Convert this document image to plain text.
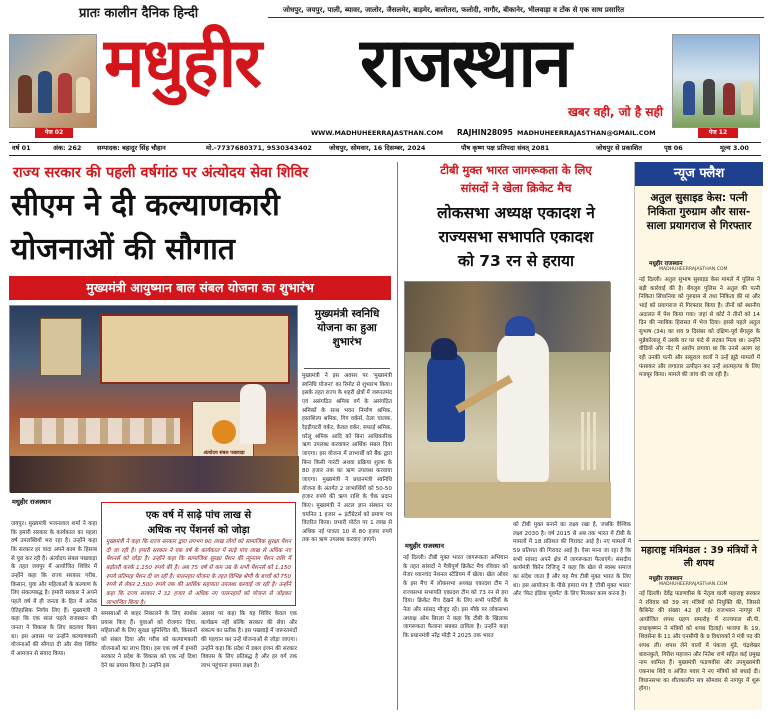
प्रातः कालीन दैनिक हिन्दी	जोधपुर, जयपुर, पाली, ब्यावर, जालोर, जैसलमेर, बाड़मेर, बालोतरा, फलोदी, नागौर, बीकानेर, भीलवाड़ा व टोंक से एक साथ प्रसारित
पेज 02
मधुहीर राजस्थान
खबर वही, जो है सही
पेज 12
WWW.MADHUHEERRAJASTHAN.COM RAJHIN28095 MADHUHEERRAJASTHAN@GMAIL.COM
वर्ष 01	अंक: 262 सम्पादक: बहादुर सिंह चौहान	मो.-7737680371, 9530343402	जोधपुर, सोमवार, 16 दिसम्बर, 2024	पौष कृष्ण पक्ष प्रतिपदा संवत् 2081	जोधपुर से प्रकाशित	पृष्ठ 06	मूल्य 3.00
राज्य सरकार की पहली वर्षगांठ पर अंत्योदय सेवा शिविर
सीएम ने दी कल्याणकारी
योजनाओं की सौगात
मुख्यमंत्री आयुष्मान बाल संबल योजना का शुभारंभ
अंत्योदय संबल पखवाड़ा
मुख्यमंत्री स्वनिधि योजना का हुआ शुभारंभ
मुख्यमंत्री ने इस अवसर पर 'मुख्यमंत्री स्वनिधि योजना' का रिमोट से शुभारंभ किया। इसके तहत राज्य के शहरी क्षेत्रों में जरूरतमंद एवं असंगठित श्रमिक वर्ग के असंगठित श्रमिकों के साथ भवन निर्माण श्रमिक, हस्तशिल्प श्रमिक, गिग वर्कर्स, ठेला चालक, रेहड़ीपटरी वर्कर, केवल वर्कर, सफाई श्रमिक, घरेलू श्रमिक आदि को बिना आधिकारिक ऋण उपलब्ध करवाकर आर्थिक संबल दिया जाएगा। इस योजना में लाभार्थी को बैंक द्वारा बिना किसी गारंटी अथवा प्रक्रिया शुल्क के 80 हजार तक का ऋण उपलब्ध करवाया जाएगा। मुख्यमंत्री ने प्रधानमंत्री स्वनिधि योजना के अंतर्गत 2 लाभार्थियों को 50-50 हजार रुपये की ऋण राशि के चैक प्रदान किए। मुख्यमंत्री ने अटल ज्ञान संस्थान पर चयनित 1 हजार + इंटीग्रेटर्स को प्रमाण पत्र वितरित किया। प्रभारी पोर्टल पर 1 लाख से अधिक नई पात्रता 10 से 80 हजार रुपये तक का ऋण उपलब्ध करवाए जाएंगे।
मधुहीर राजस्थान
जयपुर। मुख्यमंत्री भजनलाल शर्मा ने कहा कि हमारी सरकार के कार्यकाल का पहला वर्ष उपलब्धियों भरा रहा है। उन्होंने कहा कि सरकार हर वादा अपने काम के हिसाब से पूरा कर रही है। अंत्योदय संबल पखवाड़ा के तहत जयपुर में आयोजित शिविर में उन्होंने कहा कि राज्य सरकार गरीब, किसान, युवा और महिलाओं के कल्याण के लिए संकल्पबद्ध है। हमारी सरकार ने अपने पहले वर्ष में ही जनता के हित में अनेक ऐतिहासिक निर्णय लिए हैं। मुख्यमंत्री ने कहा कि एक साल पहले राजस्थान की जनता ने विकास के लिए बदलाव किया था। इस अवसर पर उन्होंने कल्याणकारी योजनाओं की सौगात दी और सेवा शिविर में आमजन से संवाद किया।
एक वर्ष में साढ़े पांच लाख से
अधिक नए पेंशनर्स को जोड़ा
मुख्यमंत्री ने कहा कि राज्य सरकार द्वारा लगभग 90 लाख लोगों को सामाजिक सुरक्षा पेंशन दी जा रही है। हमारी सरकार ने एक वर्ष के कार्यकाल में साढ़े पांच लाख से अधिक नए पेंशनर्स को जोड़ा है। उन्होंने कहा कि सामाजिक सुरक्षा पेंशन की न्यूनतम पेंशन राशि में बढ़ोतरी करके 1,150 रुपये की है। अब 75 वर्ष से कम उम्र के सभी पेंशनर्स को 1,150 रुपये प्रतिमाह पेंशन दी जा रही है। पालनहार योजना के तहत विभिन्न श्रेणी के बच्चों को 750 रुपये से लेकर 2,500 रुपये तक की आर्थिक सहायता उपलब्ध करवाई जा रही है। उन्होंने कहा कि राज्य सरकार ने 32 हजार से अधिक नए पालनहारों को योजना से जोड़कर लाभान्वित किया है।
समस्याओं से बाहर निकालने के लिए सार्थक प्रयास किए हैं। युवाओं को रोजगार दिया, महिलाओं के लिए सुरक्षा सुनिश्चित की, किसानों को संबल दिया और गरीब को कल्याणकारी योजनाओं का लाभ दिया। इस एक वर्ष में हमारी सरकार ने प्रदेश के विकास को एक नई दिशा देने का प्रयास किया है। उन्होंने इस
अवसर पर कहा कि यह शिविर केवल एक कार्यक्रम नहीं बल्कि सरकार की सेवा और संकल्प का प्रतीक है। इस पखवाड़े में जरूरतमंदों की पहचान कर उन्हें योजनाओं से जोड़ा जाएगा। उन्होंने कहा कि प्रदेश में डबल इंजन की सरकार विकास के लिए प्रतिबद्ध है और हर वर्ग तक लाभ पहुंचाना हमारा लक्ष्य है।
टीबी मुक्त भारत जागरूकता के लिए
सांसदों ने खेला क्रिकेट मैच
लोकसभा अध्यक्ष एकादश ने
राज्यसभा सभापति एकादश
को 73 रन से हराया
मधुहीर राजस्थान
नई दिल्ली। टीबी मुक्त भारत जागरूकता अभियान के तहत सांसदों ने मैत्रीपूर्ण क्रिकेट मैच रविवार को मेजर ध्यानचंद नेशनल स्टेडियम में खेला। खेल ओवर के इस मैच में लोकसभा अध्यक्ष एकादश टीम ने राज्यसभा सभापति एकादश टीम को 73 रन से हरा दिया। क्रिकेट मैच देखने के लिए सभी पार्टियों के नेता और सांसद मौजूद रहे। इस मौके पर लोकसभा अध्यक्ष ओम बिरला ने कहा कि टीबी के खिलाफ जागरूकता फैलाना सबका दायित्व है। उन्होंने कहा कि प्रधानमंत्री नरेंद्र मोदी ने 2025 तक भारत
को टीबी मुक्त बनाने का लक्ष्य रखा है, जबकि वैश्विक लक्ष्य 2030 है। वर्ष 2015 से अब तक भारत में टीबी के मामलों में 18 प्रतिशत की गिरावट आई है। नए मामलों में 59 प्रतिशत की गिरावट आई है। ऐसा माना जा रहा है कि सभी सांसद अपने क्षेत्र में जागरूकता फैलाएंगे। संसदीय कार्यमंत्री किरेन रिजिजू ने कहा कि खेल से स्वस्थ समाज का संदेश जाता है और यह मैच टीबी मुक्त भारत के लिए था। इस आयोजन के पीछे हमारा मंत्र है 'टीबी मुक्त भारत' और 'फिट इंडिया मूवमेंट' के लिए मिलकर काम करना है।
न्यूज फ्लैश
अतुल सुसाइड केस: पत्नी निकिता गुरुग्राम और सास-साला प्रयागराज से गिरफ्तार
मधुहीर राजस्थान
MADHUHEERRAJASTHAN.COM
नई दिल्ली। अतुल सुभाष सुसाइड केस मामले में पुलिस ने बड़ी कार्रवाई की है। बेंगलुरु पुलिस ने अतुल की पत्नी निकिता सिंघानिया को गुरुग्राम से तथा निकिता की मां और भाई को प्रयागराज से गिरफ्तार किया है। तीनों को स्थानीय अदालत में पेश किया गया। जहां से कोर्ट ने तीनों को 14 दिन की न्यायिक हिरासत में भेज दिया। इससे पहले अतुल सुभाष (34) का शव 9 दिसंबर को दक्षिण-पूर्व बेंगलुरु के मुन्नेकोलालु में उसके घर पर फंदे से लटका मिला था। उन्होंने वीडियो और नोट में आरोप लगाया था कि उनसे अलग रह रही उनकी पत्नी और ससुराल वालों ने उन्हें झूठे मामलों में फंसाकर और लगातार उत्पीड़न कर उन्हें आत्महत्या के लिए मजबूर किया। मामले की जांच की जा रही है।
महाराष्ट्र मंत्रिमंडल : 39 मंत्रियों ने ली शपथ
मधुहीर राजस्थान
MADHUHEERRAJASTHAN.COM
नई दिल्ली। देवेंद्र फडणवीस के नेतृत्व वाली महाराष्ट्र सरकार ने रविवार को 39 नए मंत्रियों को नियुक्ति की, जिससे कैबिनेट की संख्या 42 हो गई। राजभवन नागपुर में आयोजित शपथ ग्रहण समारोह में राज्यपाल सी.पी. राधाकृष्णन ने मंत्रियों को शपथ दिलाई। भाजपा के 19, शिवसेना के 11 और एनसीपी के 9 विधायकों ने मंत्री पद की शपथ ली। शपथ लेने वालों में पंकजा मुंडे, चंद्रशेखर बावनकुले, गिरीश महाजन और नितेश राणे सहित कई प्रमुख नाम शामिल हैं। मुख्यमंत्री फडणवीस और उपमुख्यमंत्री एकनाथ शिंदे व अजित पवार ने नए मंत्रियों को बधाई दी। विधानसभा का शीतकालीन सत्र सोमवार से नागपुर में शुरू होगा।
